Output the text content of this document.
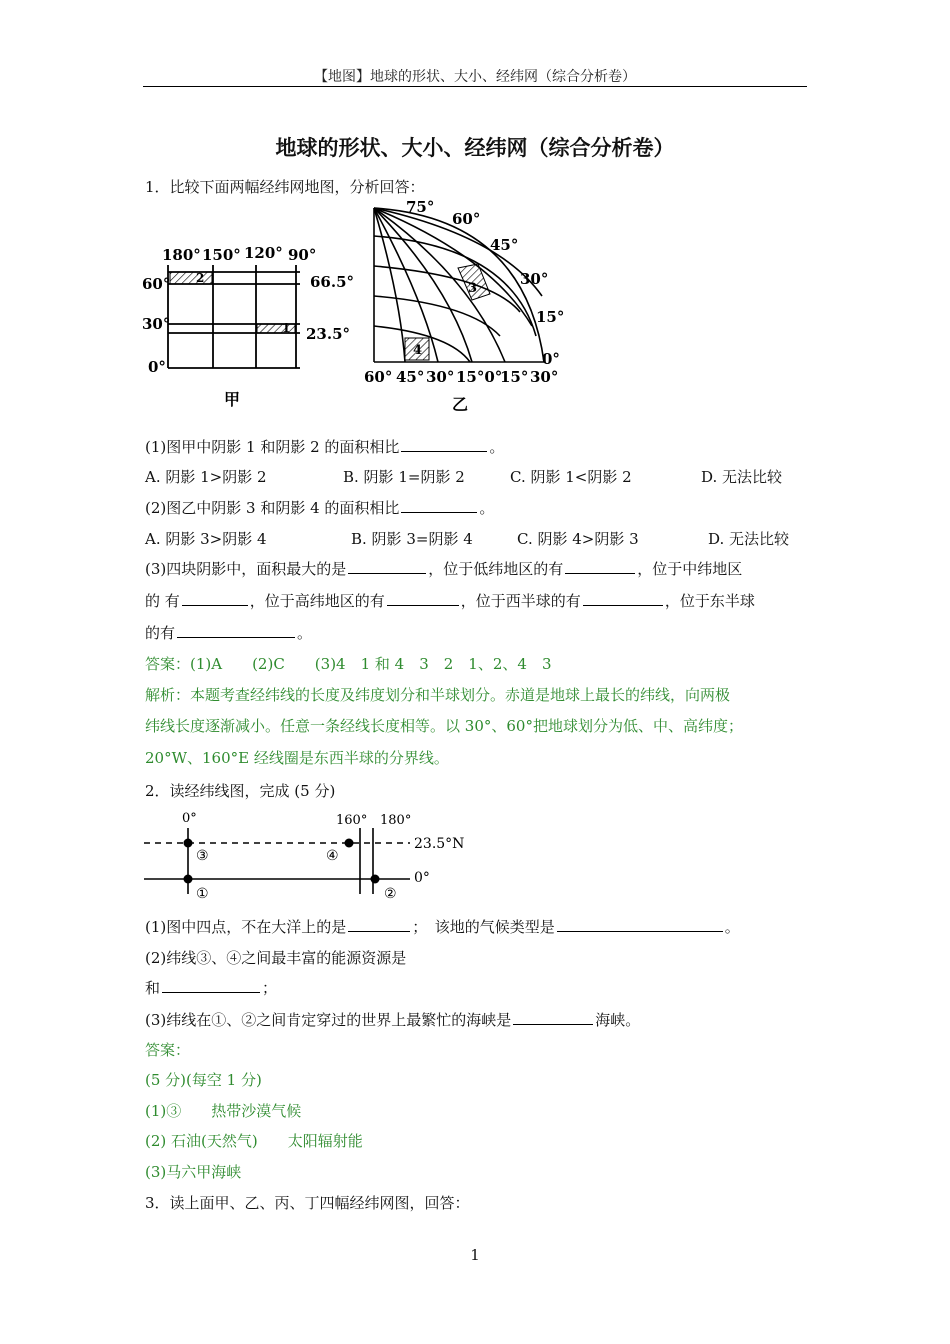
【地图】地球的形状、大小、经纬网（综合分析卷）
地球的形状、大小、经纬网（综合分析卷）
1．比较下面两幅经纬网地图，分析回答：
2
1
180° 150° 120° 90°
60°
30°
0°
66.5°
23.5°
甲
3
4
75°
60°
45°
30°
15°
0°
60° 45° 30° 15°0°
15° 30°
乙
(1)图甲中阴影 1 和阴影 2 的面积相比	。
A. 阴影 1>阴影 2	B. 阴影 1=阴影 2	C. 阴影 1<阴影 2	D. 无法比较
(2)图乙中阴影 3 和阴影 4 的面积相比	。
A. 阴影 3>阴影 4	B. 阴影 3=阴影 4	C. 阴影 4>阴影 3	D. 无法比较
(3)四块阴影中，面积最大的是	，位于低纬地区的有	，位于中纬地区
的 有	，位于高纬地区的有	，位于西半球的有	，位于东半球
的有	。
答案：(1)A　　(2)C　　(3)4　1 和 4　3　2　1、2、4　3
解析：本题考查经纬线的长度及纬度划分和半球划分。赤道是地球上最长的纬线，向两极
纬线长度逐渐减小。任意一条经线长度相等。以 30°、60°把地球划分为低、中、高纬度；
20°W、160°E 经线圈是东西半球的分界线。
2．读经纬线图，完成 (5 分)
0°	160° 180°
23.5°N
0°
③	④
①	②
(1)图中四点，不在大洋上的是	；　该地的气候类型是	。
(2)纬线③、④之间最丰富的能源资源是
和	；
(3)纬线在①、②之间肯定穿过的世界上最繁忙的海峡是	海峡。
答案：
(5 分)(每空 1 分)
(1)③　　热带沙漠气候
(2) 石油(天然气)　　太阳辐射能
(3)马六甲海峡
3．读上面甲、乙、丙、丁四幅经纬网图，回答：
1
